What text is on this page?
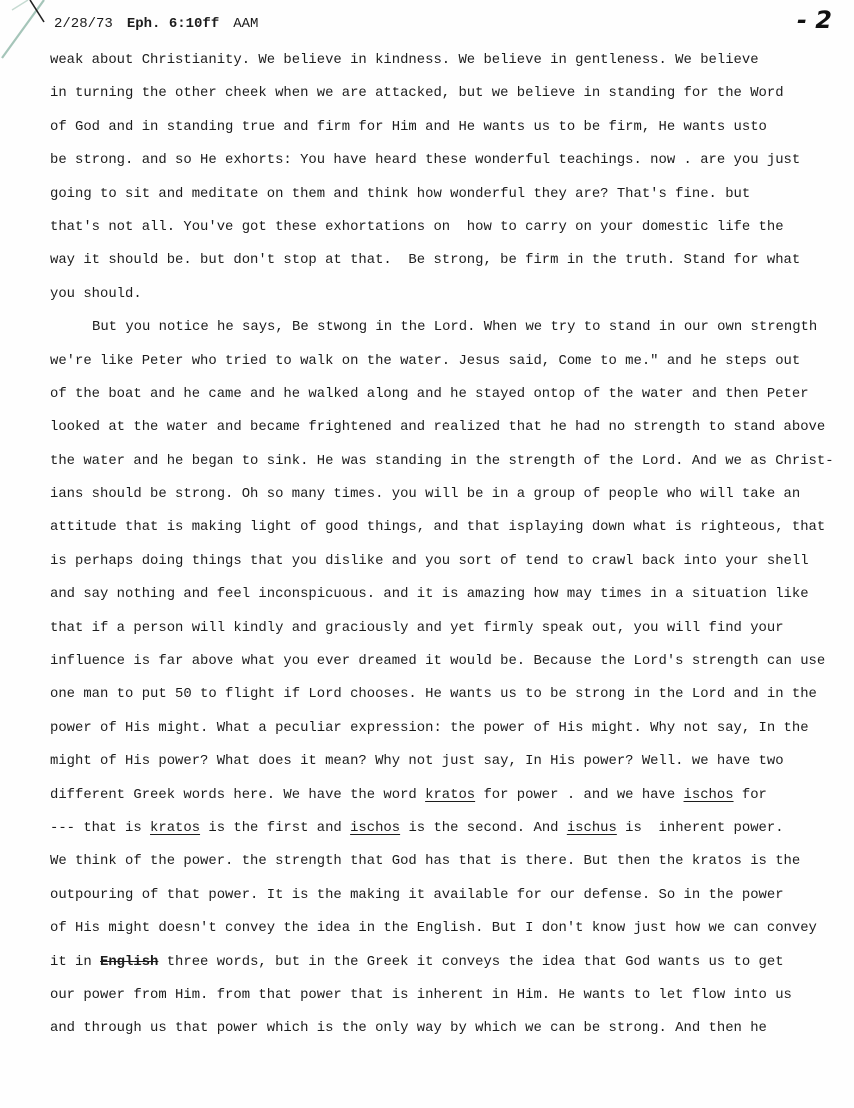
2/28/73 Eph. 6:10ff AAM	- 2
weak about Christianity. We believe in kindness. We believe in gentleness. We believe
in turning the other cheek when we are attacked, but we believe in standing for the Word
of God and in standing true and firm for Him and He wants us to be firm, He wants usto
be strong. and so He exhorts: You have heard these wonderful teachings. now . are you just
going to sit and meditate on them and think how wonderful they are? That's fine. but
that's not all. You've got these exhortations on  how to carry on your domestic life the
way it should be. but don't stop at that.  Be strong, be firm in the truth. Stand for what
you should.
But you notice he says, Be stwong in the Lord. When we try to stand in our own strength
we're like Peter who tried to walk on the water. Jesus said, Come to me." and he steps out
of the boat and he came and he walked along and he stayed ontop of the water and then Peter
looked at the water and became frightened and realized that he had no strength to stand above
the water and he began to sink. He was standing in the strength of the Lord. And we as Christ-
ians should be strong. Oh so many times. you will be in a group of people who will take an
attitude that is making light of good things, and that isplaying down what is righteous, that
is perhaps doing things that you dislike and you sort of tend to crawl back into your shell
and say nothing and feel inconspicuous. and it is amazing how may times in a situation like
that if a person will kindly and graciously and yet firmly speak out, you will find your
influence is far above what you ever dreamed it would be. Because the Lord's strength can use
one man to put 50 to flight if Lord chooses. He wants us to be strong in the Lord and in the
power of His might. What a peculiar expression: the power of His might. Why not say, In the
might of His power? What does it mean? Why not just say, In His power? Well. we have two
different Greek words here. We have the word kratos for power . and we have ischos for
--- that is kratos is the first and ischos is the second. And ischus is  inherent power.
We think of the power. the strength that God has that is there. But then the kratos is the
outpouring of that power. It is the making it available for our defense. So in the power
of His might doesn't convey the idea in the English. But I don't know just how we can convey
it in English three words, but in the Greek it conveys the idea that God wants us to get
our power from Him. from that power that is inherent in Him. He wants to let flow into us
and through us that power which is the only way by which we can be strong. And then he
